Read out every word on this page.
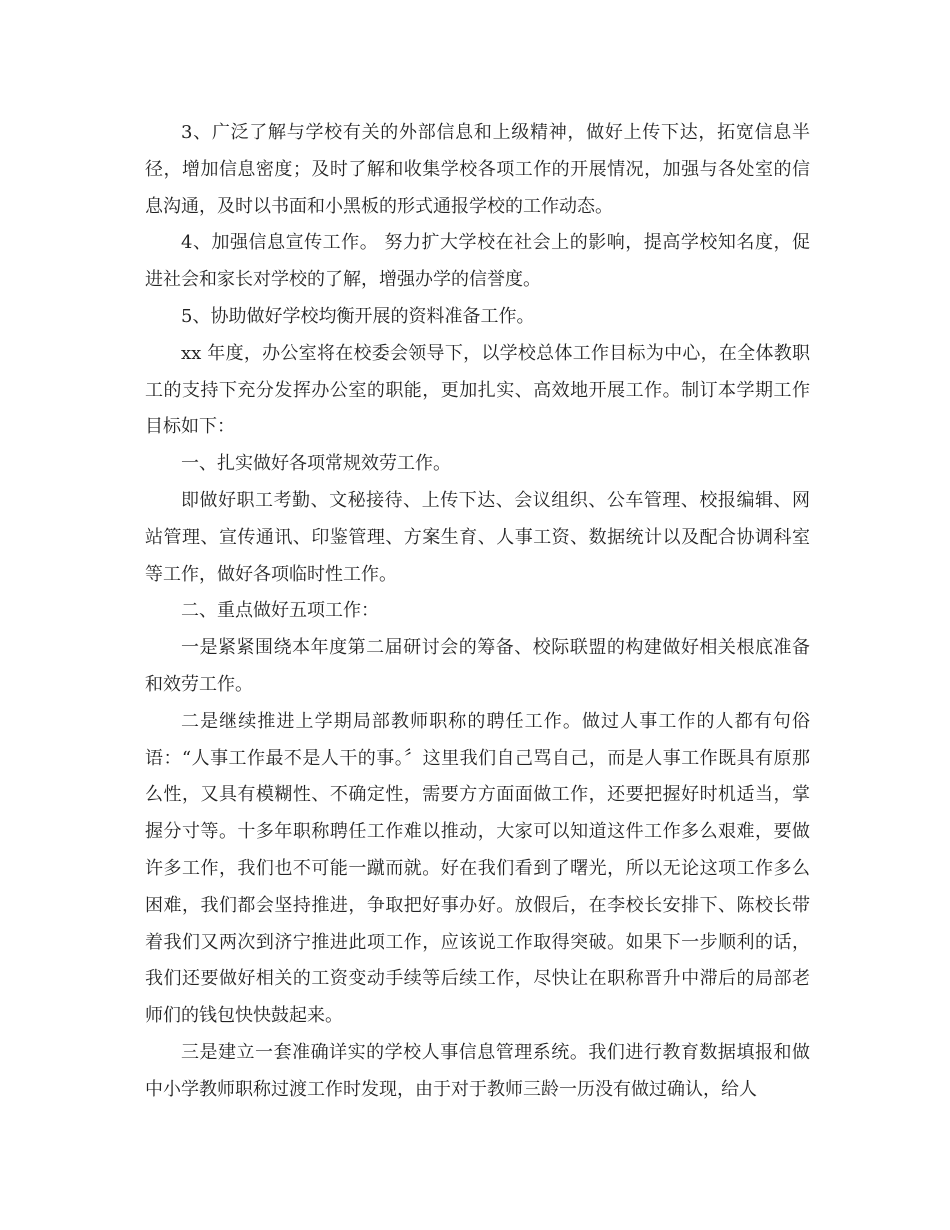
3、广泛了解与学校有关的外部信息和上级精神，做好上传下达，拓宽信息半径，增加信息密度；及时了解和收集学校各项工作的开展情况，加强与各处室的信息沟通，及时以书面和小黑板的形式通报学校的工作动态。

4、加强信息宣传工作。 努力扩大学校在社会上的影响，提高学校知名度，促进社会和家长对学校的了解，增强办学的信誉度。

5、协助做好学校均衡开展的资料准备工作。

xx 年度，办公室将在校委会领导下，以学校总体工作目标为中心，在全体教职工的支持下充分发挥办公室的职能，更加扎实、高效地开展工作。制订本学期工作目标如下：

一、扎实做好各项常规效劳工作。

即做好职工考勤、文秘接待、上传下达、会议组织、公车管理、校报编辑、网站管理、宣传通讯、印鉴管理、方案生育、人事工资、数据统计以及配合协调科室等工作，做好各项临时性工作。

二、重点做好五项工作：

一是紧紧围绕本年度第二届研讨会的筹备、校际联盟的构建做好相关根底准备和效劳工作。

二是继续推进上学期局部教师职称的聘任工作。做过人事工作的人都有句俗语：“人事工作最不是人干的事。〞这里我们自己骂自己，而是人事工作既具有原那么性，又具有模糊性、不确定性，需要方方面面做工作，还要把握好时机适当，掌握分寸等。十多年职称聘任工作难以推动，大家可以知道这件工作多么艰难，要做许多工作，我们也不可能一蹴而就。好在我们看到了曙光，所以无论这项工作多么困难，我们都会坚持推进，争取把好事办好。放假后，在李校长安排下、陈校长带着我们又两次到济宁推进此项工作，应该说工作取得突破。如果下一步顺利的话，我们还要做好相关的工资变动手续等后续工作，尽快让在职称晋升中滞后的局部老师们的钱包快快鼓起来。

三是建立一套准确详实的学校人事信息管理系统。我们进行教育数据填报和做中小学教师职称过渡工作时发现，由于对于教师三龄一历没有做过确认，给人
